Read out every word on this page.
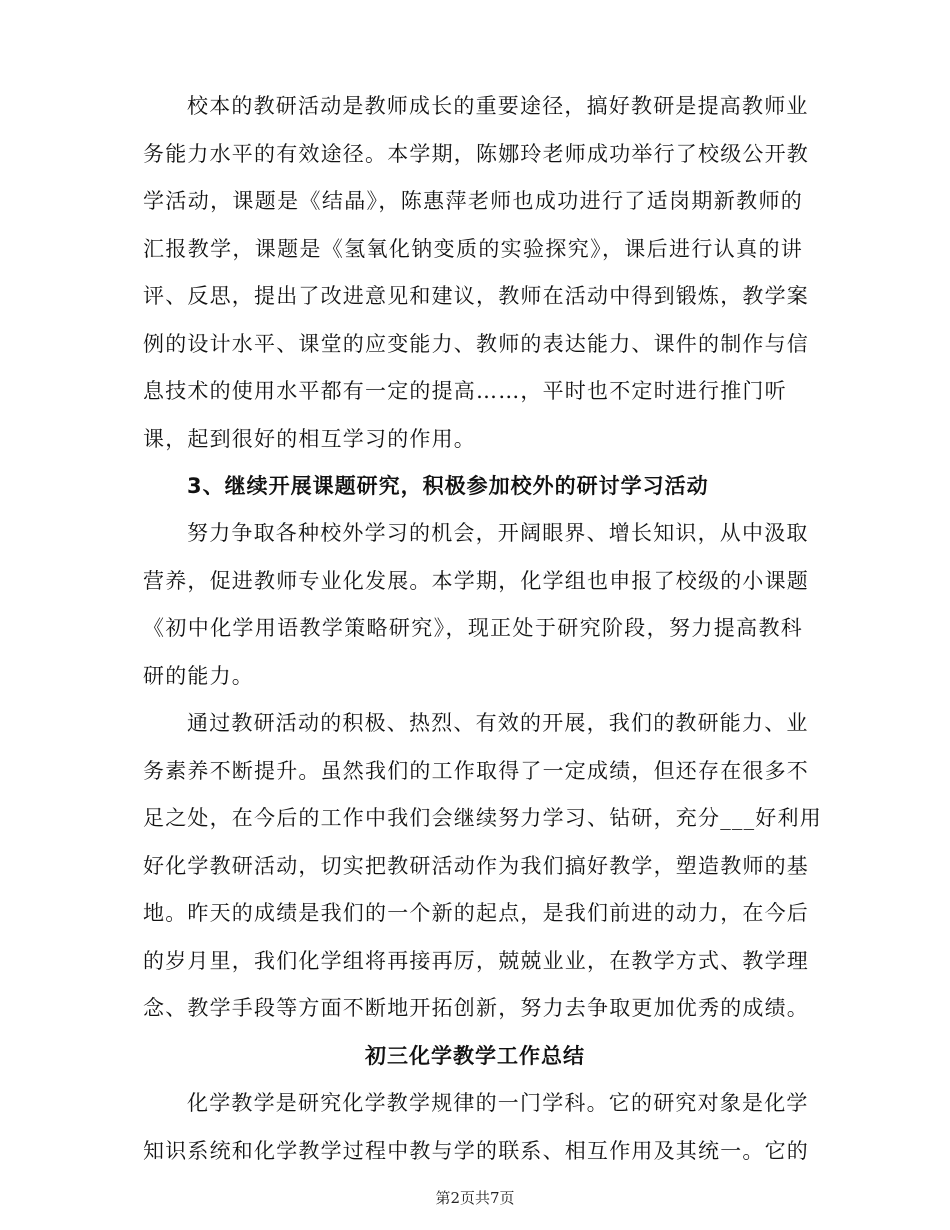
校本的教研活动是教师成长的重要途径，搞好教研是提高教师业
务能力水平的有效途径。本学期，陈娜玲老师成功举行了校级公开教
学活动，课题是《结晶》，陈惠萍老师也成功进行了适岗期新教师的
汇报教学，课题是《氢氧化钠变质的实验探究》，课后进行认真的讲
评、反思，提出了改进意见和建议，教师在活动中得到锻炼，教学案
例的设计水平、课堂的应变能力、教师的表达能力、课件的制作与信
息技术的使用水平都有一定的提高……，平时也不定时进行推门听
课，起到很好的相互学习的作用。
3、继续开展课题研究，积极参加校外的研讨学习活动
努力争取各种校外学习的机会，开阔眼界、增长知识，从中汲取
营养，促进教师专业化发展。本学期，化学组也申报了校级的小课题
《初中化学用语教学策略研究》，现正处于研究阶段，努力提高教科
研的能力。
通过教研活动的积极、热烈、有效的开展，我们的教研能力、业
务素养不断提升。虽然我们的工作取得了一定成绩，但还存在很多不
足之处，在今后的工作中我们会继续努力学习、钻研，充分___好利用
好化学教研活动，切实把教研活动作为我们搞好教学，塑造教师的基
地。昨天的成绩是我们的一个新的起点，是我们前进的动力，在今后
的岁月里，我们化学组将再接再厉，兢兢业业，在教学方式、教学理
念、教学手段等方面不断地开拓创新，努力去争取更加优秀的成绩。
初三化学教学工作总结
化学教学是研究化学教学规律的一门学科。它的研究对象是化学
知识系统和化学教学过程中教与学的联系、相互作用及其统一。它的
第2页共7页
